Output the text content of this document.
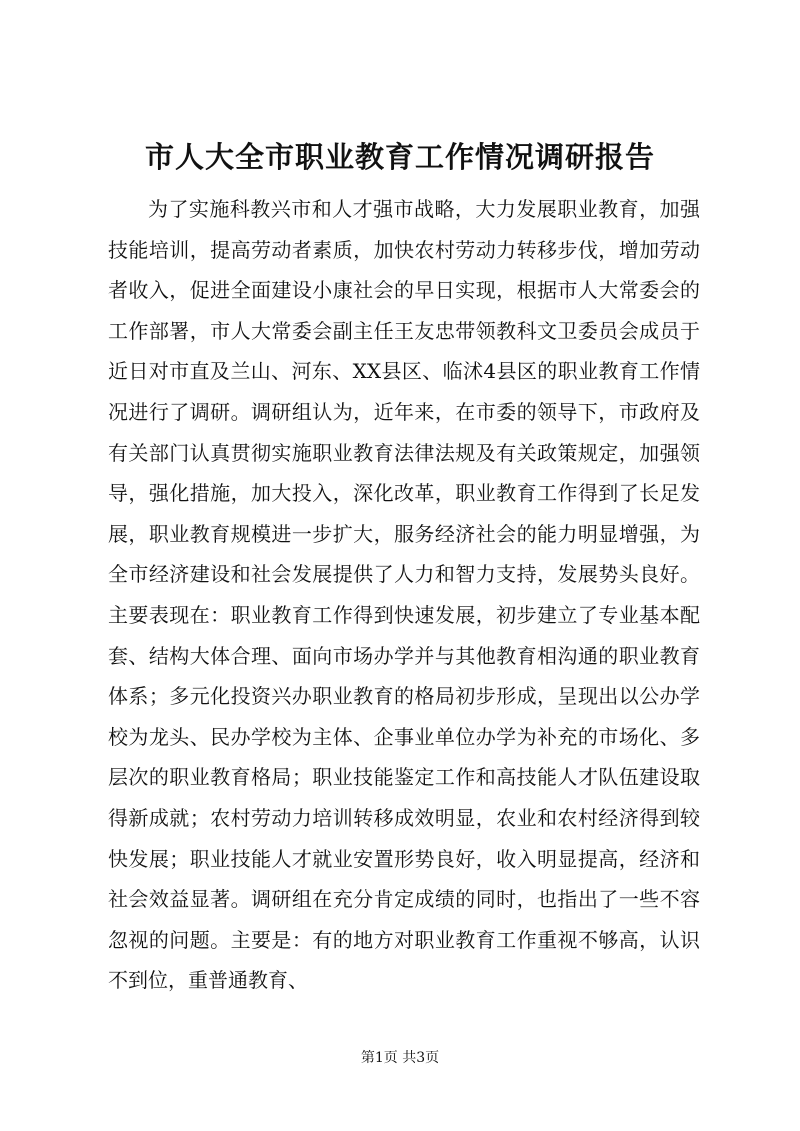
市人大全市职业教育工作情况调研报告

为了实施科教兴市和人才强市战略，大力发展职业教育，加强技能培训，提高劳动者素质，加快农村劳动力转移步伐，增加劳动者收入，促进全面建设小康社会的早日实现，根据市人大常委会的工作部署，市人大常委会副主任王友忠带领教科文卫委员会成员于近日对市直及兰山、河东、XX县区、临沭4县区的职业教育工作情况进行了调研。调研组认为，近年来，在市委的领导下，市政府及有关部门认真贯彻实施职业教育法律法规及有关政策规定，加强领导，强化措施，加大投入，深化改革，职业教育工作得到了长足发展，职业教育规模进一步扩大，服务经济社会的能力明显增强，为全市经济建设和社会发展提供了人力和智力支持，发展势头良好。主要表现在：职业教育工作得到快速发展，初步建立了专业基本配套、结构大体合理、面向市场办学并与其他教育相沟通的职业教育体系；多元化投资兴办职业教育的格局初步形成，呈现出以公办学校为龙头、民办学校为主体、企事业单位办学为补充的市场化、多层次的职业教育格局；职业技能鉴定工作和高技能人才队伍建设取得新成就；农村劳动力培训转移成效明显，农业和农村经济得到较快发展；职业技能人才就业安置形势良好，收入明显提高，经济和社会效益显著。调研组在充分肯定成绩的同时，也指出了一些不容忽视的问题。主要是：有的地方对职业教育工作重视不够高，认识不到位，重普通教育、

第1页 共3页
